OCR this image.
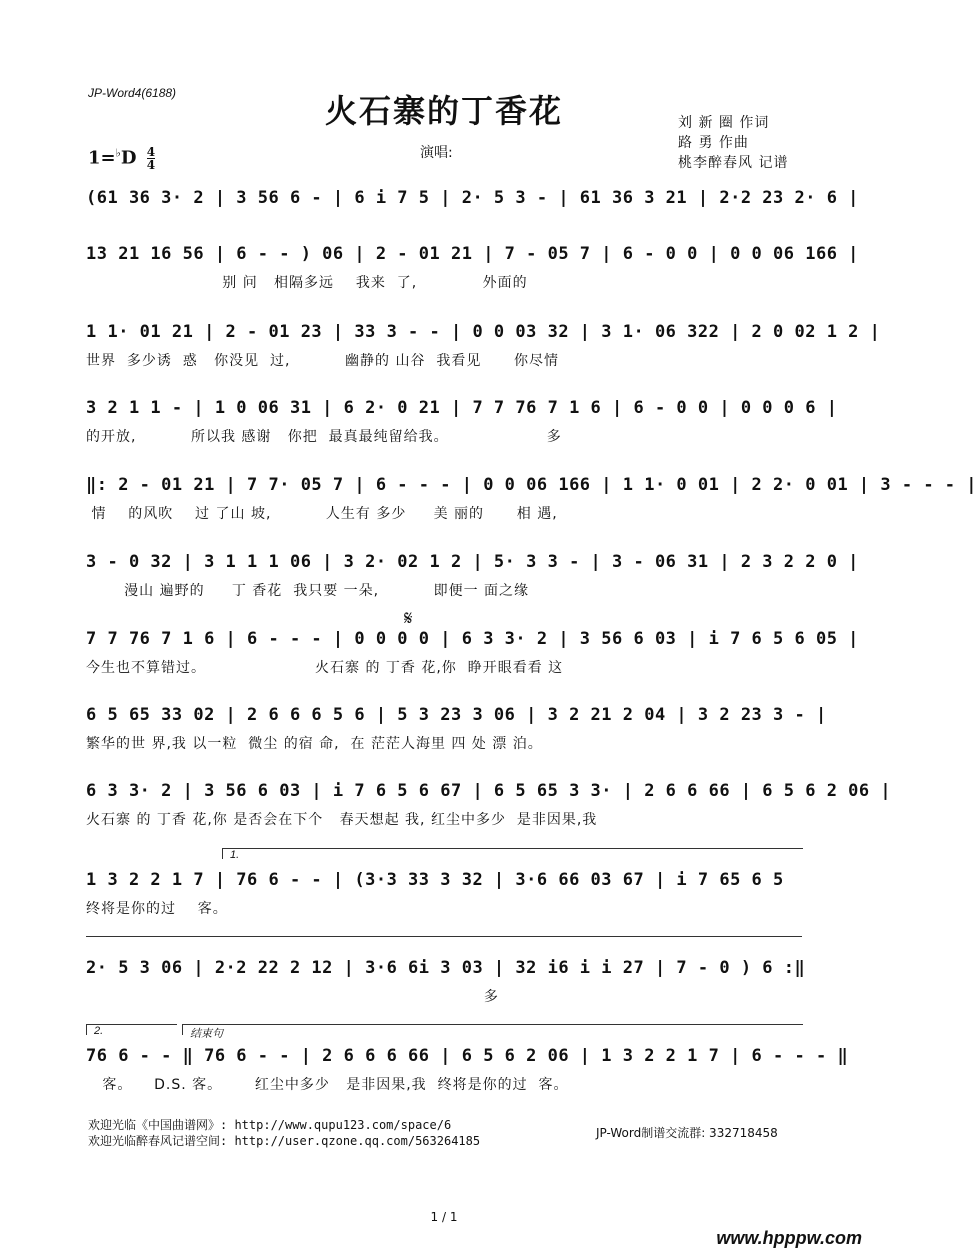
JP-Word4(6188)	火石寨的丁香花	刘 新 圈 作词
路 勇 作曲
桃李醉春风 记谱
$1=^♭D \frac{4}{4}$	演唱:
(61 36 3· 2 | 3 56 6 - | 6 i 7 5 | 2· 5 3 - | 61 36 3 21 | 2·2 23 2· 6 |
13 21 16 56 | 6 - - ) 06 | 2 - 01 21 | 7 - 05 7 | 6 - 0 0 | 0 0 06 166 |
别 问   相隔多远    我来  了,            外面的
1 1· 01 21 | 2 - 01 23 | 33 3 - - | 0 0 03 32 | 3 1· 06 322 | 2 0 02 1 2 |
世界  多少诱  惑   你没见  过,          幽静的 山谷  我看见      你尽情
3 2 1 1 - | 1 0 06 31 | 6 2· 0 21 | 7 7 76 7 1 6 | 6 - 0 0 | 0 0 0 6 |
的开放,          所以我 感谢   你把  最真最纯留给我。                  多
‖: 2 - 01 21 | 7 7· 05 7 | 6 - - - | 0 0 06 166 | 1 1· 0 01 | 2 2· 0 01 | 3 - - - |
情    的风吹    过 了山 坡,          人生有 多少     美 丽的      相 遇,
3 - 0 32 | 3 1 1 1 06 | 3 2· 02 1 2 | 5· 3 3 - | 3 - 06 31 | 2 3 2 2 0 |
漫山 遍野的     丁 香花  我只要 一朵,          即便一 面之缘
𝄋
7 7 76 7 1 6 | 6 - - - | 0 0 0 0 | 6 3 3· 2 | 3 56 6 03 | i 7 6 5 6 05 |
今生也不算错过。                    火石寨 的 丁香 花,你  睁开眼看看 这
6 5 65 33 02 | 2 6 6 6 5 6 | 5 3 23 3 06 | 3 2 21 2 04 | 3 2 23 3 - |
繁华的世 界,我 以一粒  微尘 的宿 命,  在 茫茫人海里 四 处 漂 泊。
6 3 3· 2 | 3 56 6 03 | i 7 6 5 6 67 | 6 5 65 3 3· | 2 6 6 66 | 6 5 6 2 06 |
火石寨 的 丁香 花,你 是否会在下个   春天想起 我, 红尘中多少  是非因果,我
1.
1 3 2 2 1 7 | 76 6 - - | (3·3 33 3 32 | 3·6 66 03 67 | i 7 65 6 5
终将是你的过    客。
2· 5 3 06 | 2·2 22 2 12 | 3·6 6i 3 03 | 32 i6 i i 27 | 7 - 0 ) 6 :‖
多
2.	结束句
76 6 - - ‖ 76 6 - - | 2 6 6 6 66 | 6 5 6 2 06 | 1 3 2 2 1 7 | 6 - - - ‖
客。    D.S. 客。      红尘中多少   是非因果,我  终将是你的过  客。
欢迎光临《中国曲谱网》: http://www.qupu123.com/space/6
欢迎光临醉春风记谱空间: http://user.qzone.qq.com/563264185
JP-Word制谱交流群: 332718458
1 / 1
www.hpppw.com
